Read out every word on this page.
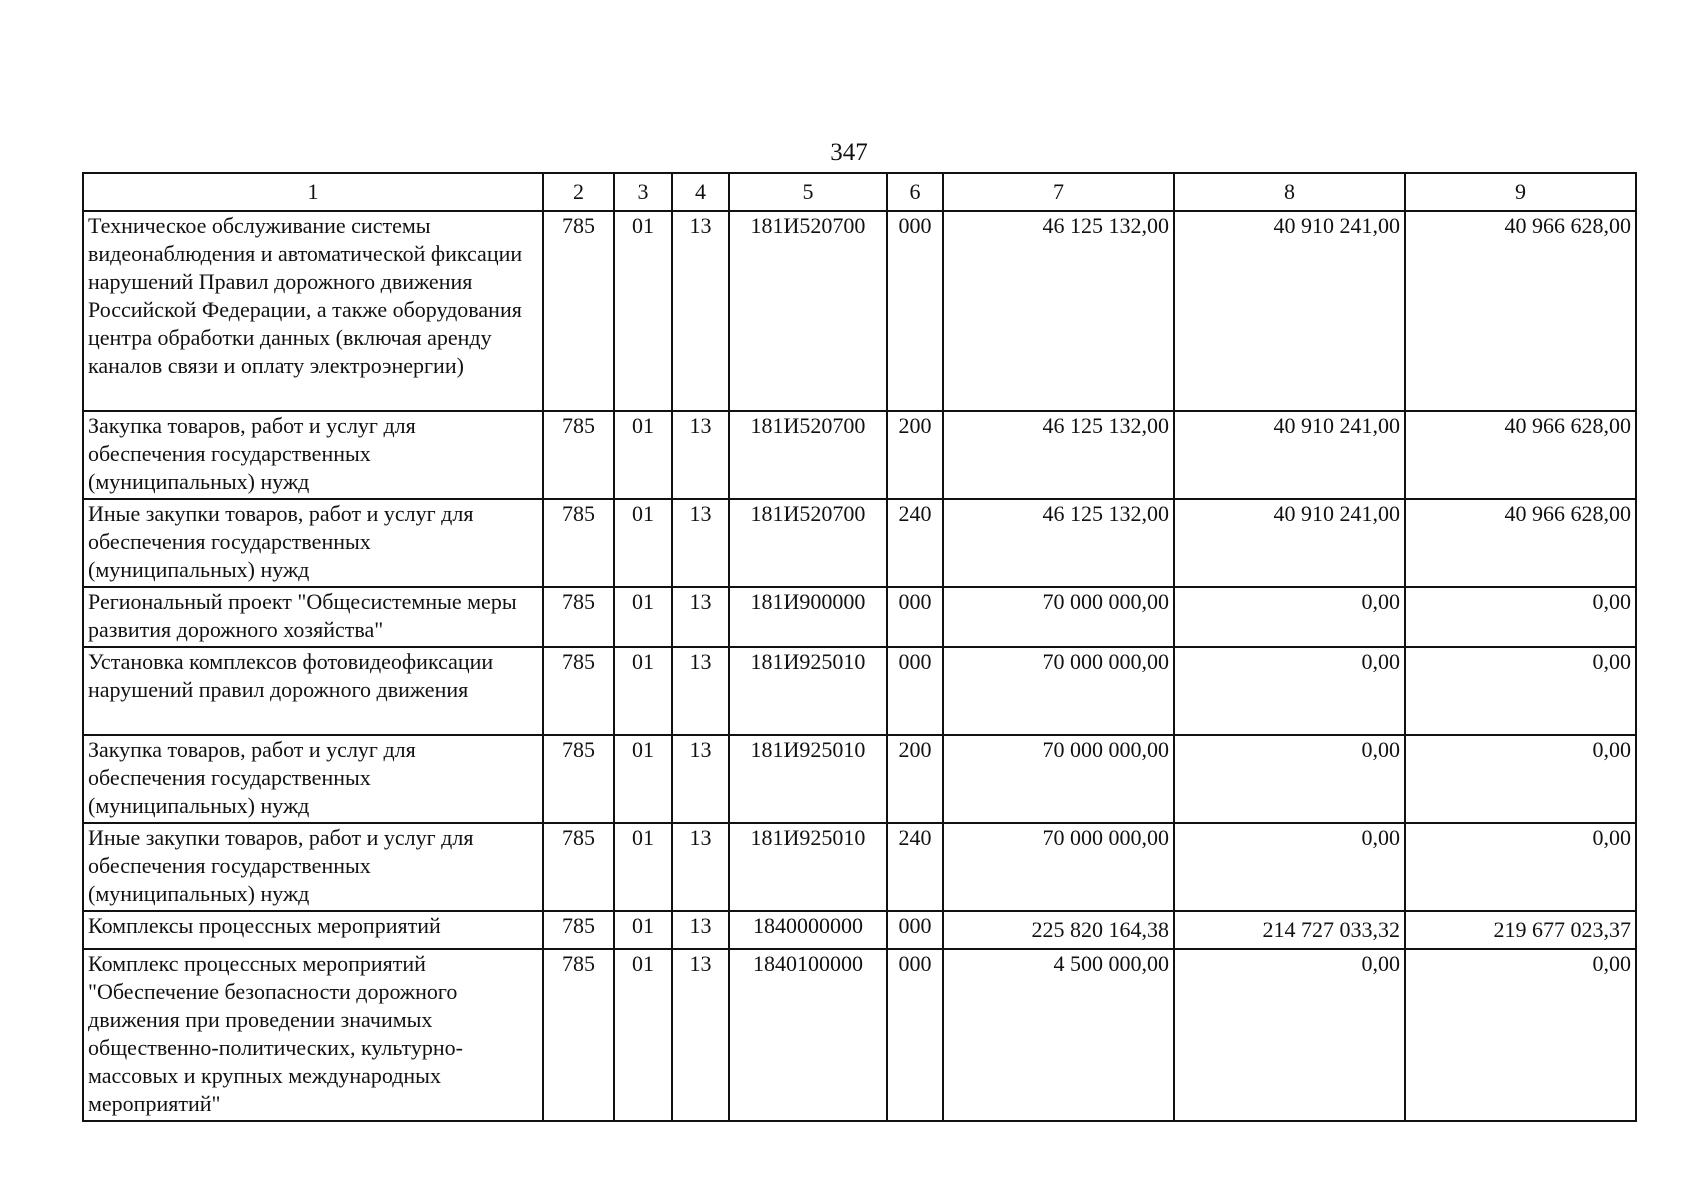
347
1	2	3	4	5	6	7	8	9
Техническое обслуживание системы видеонаблюдения и автоматической фиксации нарушений Правил дорожного движения Российской Федерации, а также оборудования центра обработки данных (включая аренду каналов связи и оплату электроэнергии)	785	01	13	181И520700	000	46 125 132,00	40 910 241,00	40 966 628,00
Закупка товаров, работ и услуг для обеспечения государственных (муниципальных) нужд	785	01	13	181И520700	200	46 125 132,00	40 910 241,00	40 966 628,00
Иные закупки товаров, работ и услуг для обеспечения государственных (муниципальных) нужд	785	01	13	181И520700	240	46 125 132,00	40 910 241,00	40 966 628,00
Региональный проект "Общесистемные меры развития дорожного хозяйства"	785	01	13	181И900000	000	70 000 000,00	0,00	0,00
Установка комплексов фотовидеофиксации нарушений правил дорожного движения	785	01	13	181И925010	000	70 000 000,00	0,00	0,00
Закупка товаров, работ и услуг для обеспечения государственных (муниципальных) нужд	785	01	13	181И925010	200	70 000 000,00	0,00	0,00
Иные закупки товаров, работ и услуг для обеспечения государственных (муниципальных) нужд	785	01	13	181И925010	240	70 000 000,00	0,00	0,00
Комплексы процессных мероприятий	785	01	13	1840000000	000	225 820 164,38	214 727 033,32	219 677 023,37
Комплекс процессных мероприятий "Обеспечение безопасности дорожного движения при проведении значимых общественно-политических, культурно-массовых и крупных международных мероприятий"	785	01	13	1840100000	000	4 500 000,00	0,00	0,00
